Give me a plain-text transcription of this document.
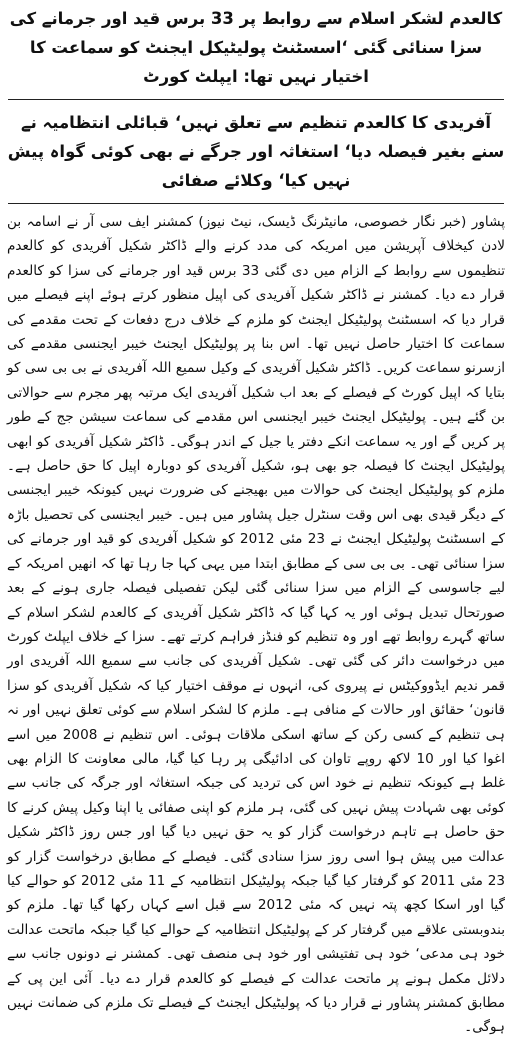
کالعدم لشکر اسلام سے روابط پر 33 برس قید اور جرمانے کی سزا سنائی گئی ‘اسسٹنٹ پولیٹیکل ایجنٹ کو سماعت کا اختیار نہیں تھا: ایپلٹ کورٹ
آفریدی کا کالعدم تنظیم سے تعلق نہیں‘ قبائلی انتظامیہ نے سنے بغیر فیصلہ دیا‘ استغاثہ اور جرگے نے بھی کوئی گواہ پیش نہیں کیا‘ وکلائے صفائی

پشاور (خبر نگار خصوصی، مانیٹرنگ ڈیسک، نیٹ نیوز) کمشنر ایف سی آر نے اسامہ بن لادن کیخلاف آپریشن میں امریکہ کی مدد کرنے والے ڈاکٹر شکیل آفریدی کو کالعدم تنظیموں سے روابط کے الزام میں دی گئی 33 برس قید اور جرمانے کی سزا کو کالعدم قرار دے دیا۔ کمشنر نے ڈاکٹر شکیل آفریدی کی اپیل منظور کرتے ہوئے اپنے فیصلے میں قرار دیا کہ اسسٹنٹ پولیٹیکل ایجنٹ کو ملزم کے خلاف درج دفعات کے تحت مقدمے کی سماعت کا اختیار حاصل نہیں تھا۔ اس بنا پر پولیٹیکل ایجنٹ خیبر ایجنسی مقدمے کی ازسرنو سماعت کریں۔ ڈاکٹر شکیل آفریدی کے وکیل سمیع اللہ آفریدی نے بی بی سی کو بتایا کہ اپیل کورٹ کے فیصلے کے بعد اب شکیل آفریدی ایک مرتبہ پھر مجرم سے حوالاتی بن گئے ہیں۔ پولیٹیکل ایجنٹ خیبر ایجنسی اس مقدمے کی سماعت سیشن جج کے طور پر کریں گے اور یہ سماعت انکے دفتر یا جیل کے اندر ہوگی۔ ڈاکٹر شکیل آفریدی کو ابھی پولیٹیکل ایجنٹ کا فیصلہ جو بھی ہو، شکیل آفریدی کو دوبارہ اپیل کا حق حاصل ہے۔ ملزم کو پولیٹیکل ایجنٹ کی حوالات میں بھیجنے کی ضرورت نہیں کیونکہ خیبر ایجنسی کے دیگر قیدی بھی اس وقت سنٹرل جیل پشاور میں ہیں۔ خیبر ایجنسی کی تحصیل باڑہ کے اسسٹنٹ پولیٹیکل ایجنٹ نے 23 مئی 2012 کو شکیل آفریدی کو قید اور جرمانے کی سزا سنائی تھی۔ بی بی سی کے مطابق ابتدا میں یہی کہا جا رہا تھا کہ انھیں امریکہ کے لیے جاسوسی کے الزام میں سزا سنائی گئی لیکن تفصیلی فیصلہ جاری ہونے کے بعد صورتحال تبدیل ہوئی اور یہ کہا گیا کہ ڈاکٹر شکیل آفریدی کے کالعدم لشکر اسلام کے ساتھ گہرے روابط تھے اور وہ تنظیم کو فنڈز فراہم کرتے تھے۔ سزا کے خلاف ایپلٹ کورٹ میں درخواست دائر کی گئی تھی۔ شکیل آفریدی کی جانب سے سمیع اللہ آفریدی اور قمر ندیم ایڈووکیٹس نے پیروی کی، انہوں نے موقف اختیار کیا کہ شکیل آفریدی کو سزا قانون‘ حقائق اور حالات کے منافی ہے۔ ملزم کا لشکر اسلام سے کوئی تعلق نہیں اور نہ ہی تنظیم کے کسی رکن کے ساتھ اسکی ملاقات ہوئی۔ اس تنظیم نے 2008 میں اسے اغوا کیا اور 10 لاکھ روپے تاوان کی ادائیگی پر رہا کیا گیا، مالی معاونت کا الزام بھی غلط ہے کیونکہ تنظیم نے خود اس کی تردید کی جبکہ استغاثہ اور جرگہ کی جانب سے کوئی بھی شہادت پیش نہیں کی گئی، ہر ملزم کو اپنی صفائی یا اپنا وکیل پیش کرنے کا حق حاصل ہے تاہم درخواست گزار کو یہ حق نہیں دیا گیا اور جس روز ڈاکٹر شکیل عدالت میں پیش ہوا اسی روز سزا سنادی گئی۔ فیصلے کے مطابق درخواست گزار کو 23 مئی 2011 کو گرفتار کیا گیا جبکہ پولیٹیکل انتظامیہ کے 11 مئی 2012 کو حوالے کیا گیا اور اسکا کچھ پتہ نہیں کہ مئی 2012 سے قبل اسے کہاں رکھا گیا تھا۔ ملزم کو بندوبستی علاقے میں گرفتار کر کے پولیٹیکل انتظامیہ کے حوالے کیا گیا جبکہ ماتحت عدالت خود ہی مدعی‘ خود ہی تفتیشی اور خود ہی منصف تھی۔ کمشنر نے دونوں جانب سے دلائل مکمل ہونے پر ماتحت عدالت کے فیصلے کو کالعدم قرار دے دیا۔ آئی این پی کے مطابق کمشنر پشاور نے قرار دیا کہ پولیٹیکل ایجنٹ کے فیصلے تک ملزم کی ضمانت نہیں ہوگی۔
